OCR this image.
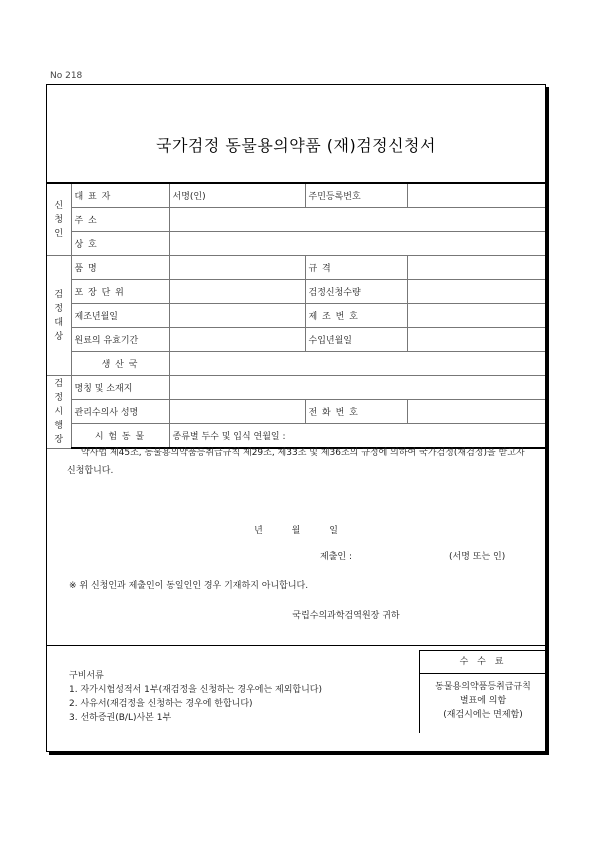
No 218
국가검정 동물용의약품 (재)검정신청서
신청인	대 표 자	서명(인)	주민등록번호	
	주 소			
	상 호			
검정대상	품 명		규 격	
	포 장 단 위		검정신청수량	
	제조년월일		제 조 번 호	
	원료의 유효기간		수입년월일	
	생 산 국			
검정시행장	명칭 및 소재지			
	관리수의사 성명		전 화 번 호	
	시 험 동 물	종류별 두수 및 입식 연월일 :		
약사법 제45조, 동물용의약품등취급규칙 제29조, 제33조 및 제36조의 규정에 의하여 국가검정(재검정)을 받고자 신청합니다.
년 월 일
제출인 :	(서명 또는 인)
※ 위 신청인과 제출인이 동일인인 경우 기재하지 아니합니다.
국립수의과학검역원장 귀하
구비서류
1. 자가시험성적서 1부(재검정을 신청하는 경우에는 제외합니다)
2. 사유서(재검정을 신청하는 경우에 한합니다)
3. 선하증권(B/L)사본 1부
수 수 료
동물용의약품등취급규칙
별표에 의함
(재검시에는 면제함)
